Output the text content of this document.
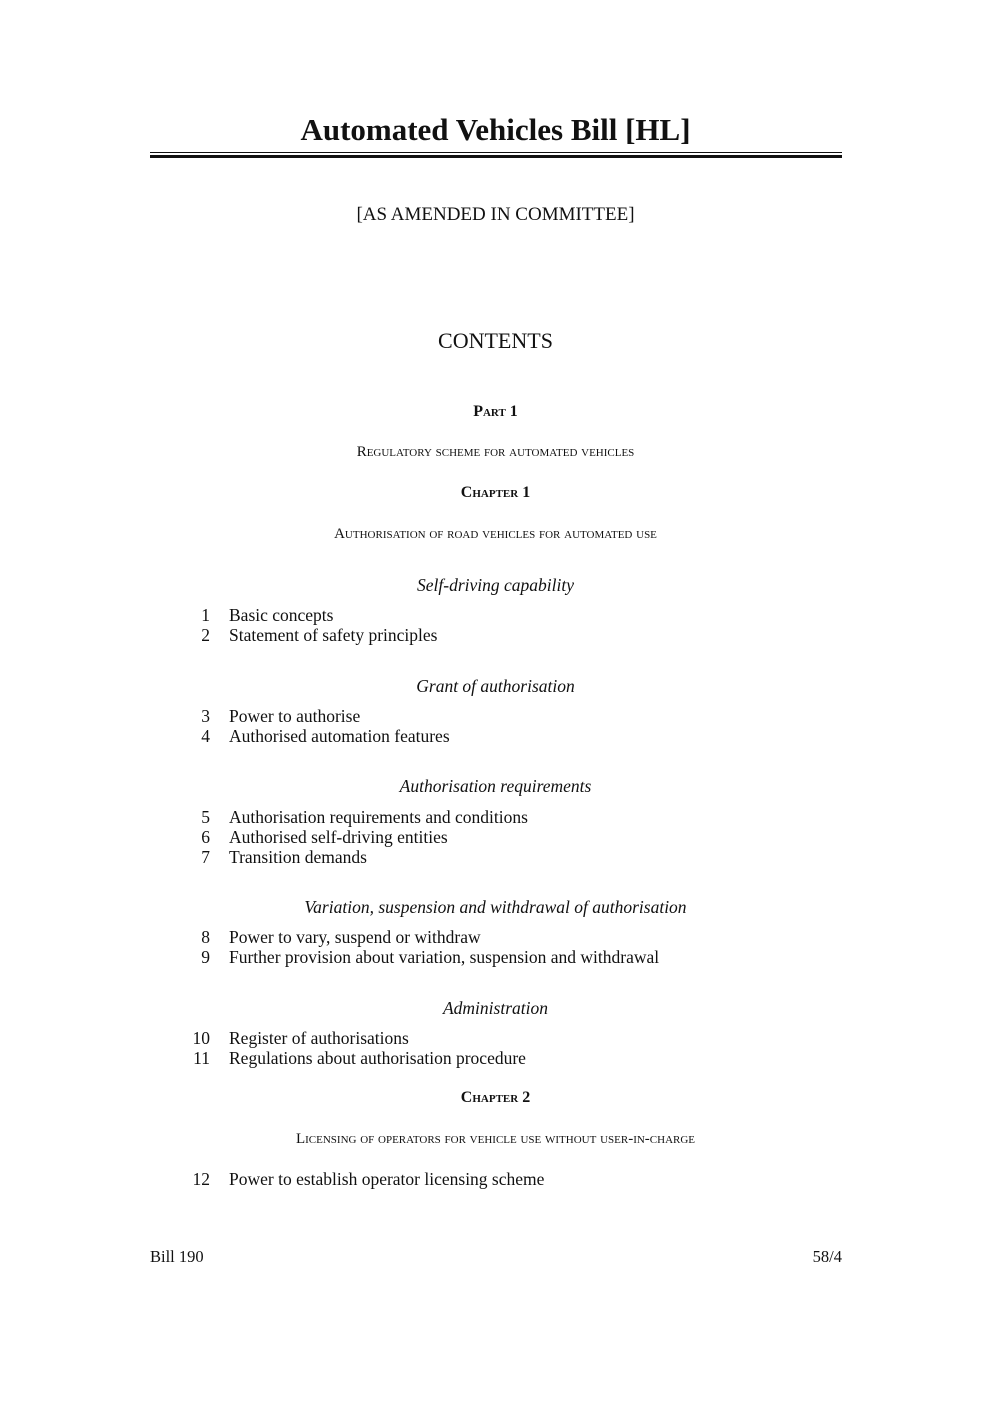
Automated Vehicles Bill [HL]
[AS AMENDED IN COMMITTEE]
CONTENTS
Part 1
Regulatory scheme for automated vehicles
Chapter 1
Authorisation of road vehicles for automated use
Self-driving capability
1 Basic concepts
2 Statement of safety principles
Grant of authorisation
3 Power to authorise
4 Authorised automation features
Authorisation requirements
5 Authorisation requirements and conditions
6 Authorised self-driving entities
7 Transition demands
Variation, suspension and withdrawal of authorisation
8 Power to vary, suspend or withdraw
9 Further provision about variation, suspension and withdrawal
Administration
10 Register of authorisations
11 Regulations about authorisation procedure
Chapter 2
Licensing of operators for vehicle use without user-in-charge
12 Power to establish operator licensing scheme
Bill 190	58/4
